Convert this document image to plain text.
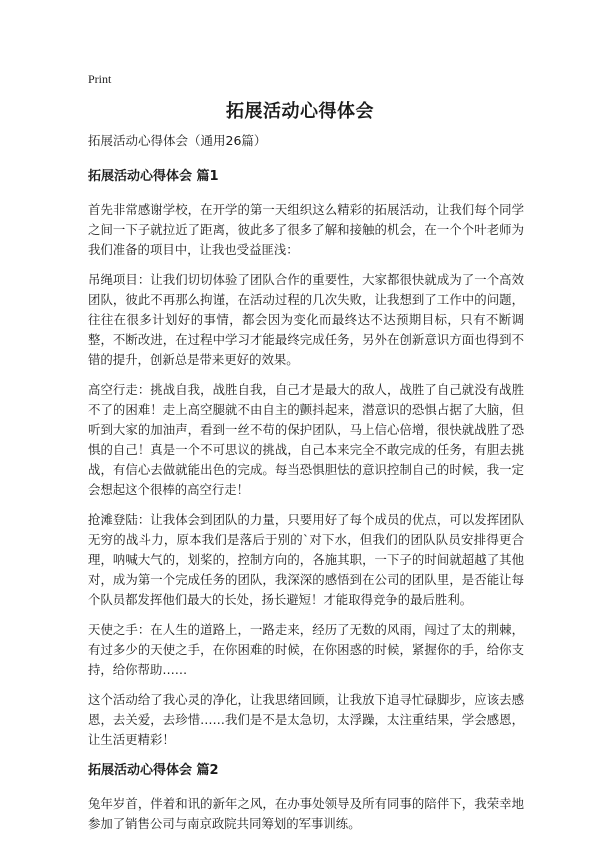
Print
拓展活动心得体会

拓展活动心得体会（通用26篇）

拓展活动心得体会 篇1

首先非常感谢学校，在开学的第一天组织这么精彩的拓展活动，让我们每个同学之间一下子就拉近了距离，彼此多了很多了解和接触的机会，在一个个叶老师为我们准备的项目中，让我也受益匪浅：

吊绳项目：让我们切切体验了团队合作的重要性，大家都很快就成为了一个高效团队，彼此不再那么拘谨，在活动过程的几次失败，让我想到了工作中的问题，往往在很多计划好的事情，都会因为变化而最终达不达预期目标，只有不断调整，不断改进，在过程中学习才能最终完成任务，另外在创新意识方面也得到不错的提升，创新总是带来更好的效果。

高空行走：挑战自我，战胜自我，自己才是最大的敌人，战胜了自己就没有战胜不了的困难！走上高空腿就不由自主的颤抖起来，潜意识的恐惧占据了大脑，但听到大家的加油声，看到一丝不苟的保护团队，马上信心倍增，很快就战胜了恐惧的自己！真是一个不可思议的挑战，自己本来完全不敢完成的任务，有胆去挑战，有信心去做就能出色的完成。每当恐惧胆怯的意识控制自己的时候，我一定会想起这个很棒的高空行走！

抢滩登陆：让我体会到团队的力量，只要用好了每个成员的优点，可以发挥团队无穷的战斗力，原本我们是落后于别的`对下水，但我们的团队队员安排得更合理，呐喊大气的，划桨的，控制方向的，各施其职，一下子的时间就超越了其他对，成为第一个完成任务的团队，我深深的感悟到在公司的团队里，是否能让每个队员都发挥他们最大的长处，扬长避短！才能取得竞争的最后胜利。

天使之手：在人生的道路上，一路走来，经历了无数的风雨，闯过了太的荆棘，有过多少的天使之手，在你困难的时候，在你困惑的时候，紧握你的手，给你支持，给你帮助……

这个活动给了我心灵的净化，让我思绪回顾，让我放下追寻忙碌脚步，应该去感恩，去关爱，去珍惜……我们是不是太急切，太浮躁，太注重结果，学会感恩，让生活更精彩！

拓展活动心得体会 篇2

兔年岁首，伴着和讯的新年之风，在办事处领导及所有同事的陪伴下，我荣幸地参加了销售公司与南京政院共同筹划的军事训练。
